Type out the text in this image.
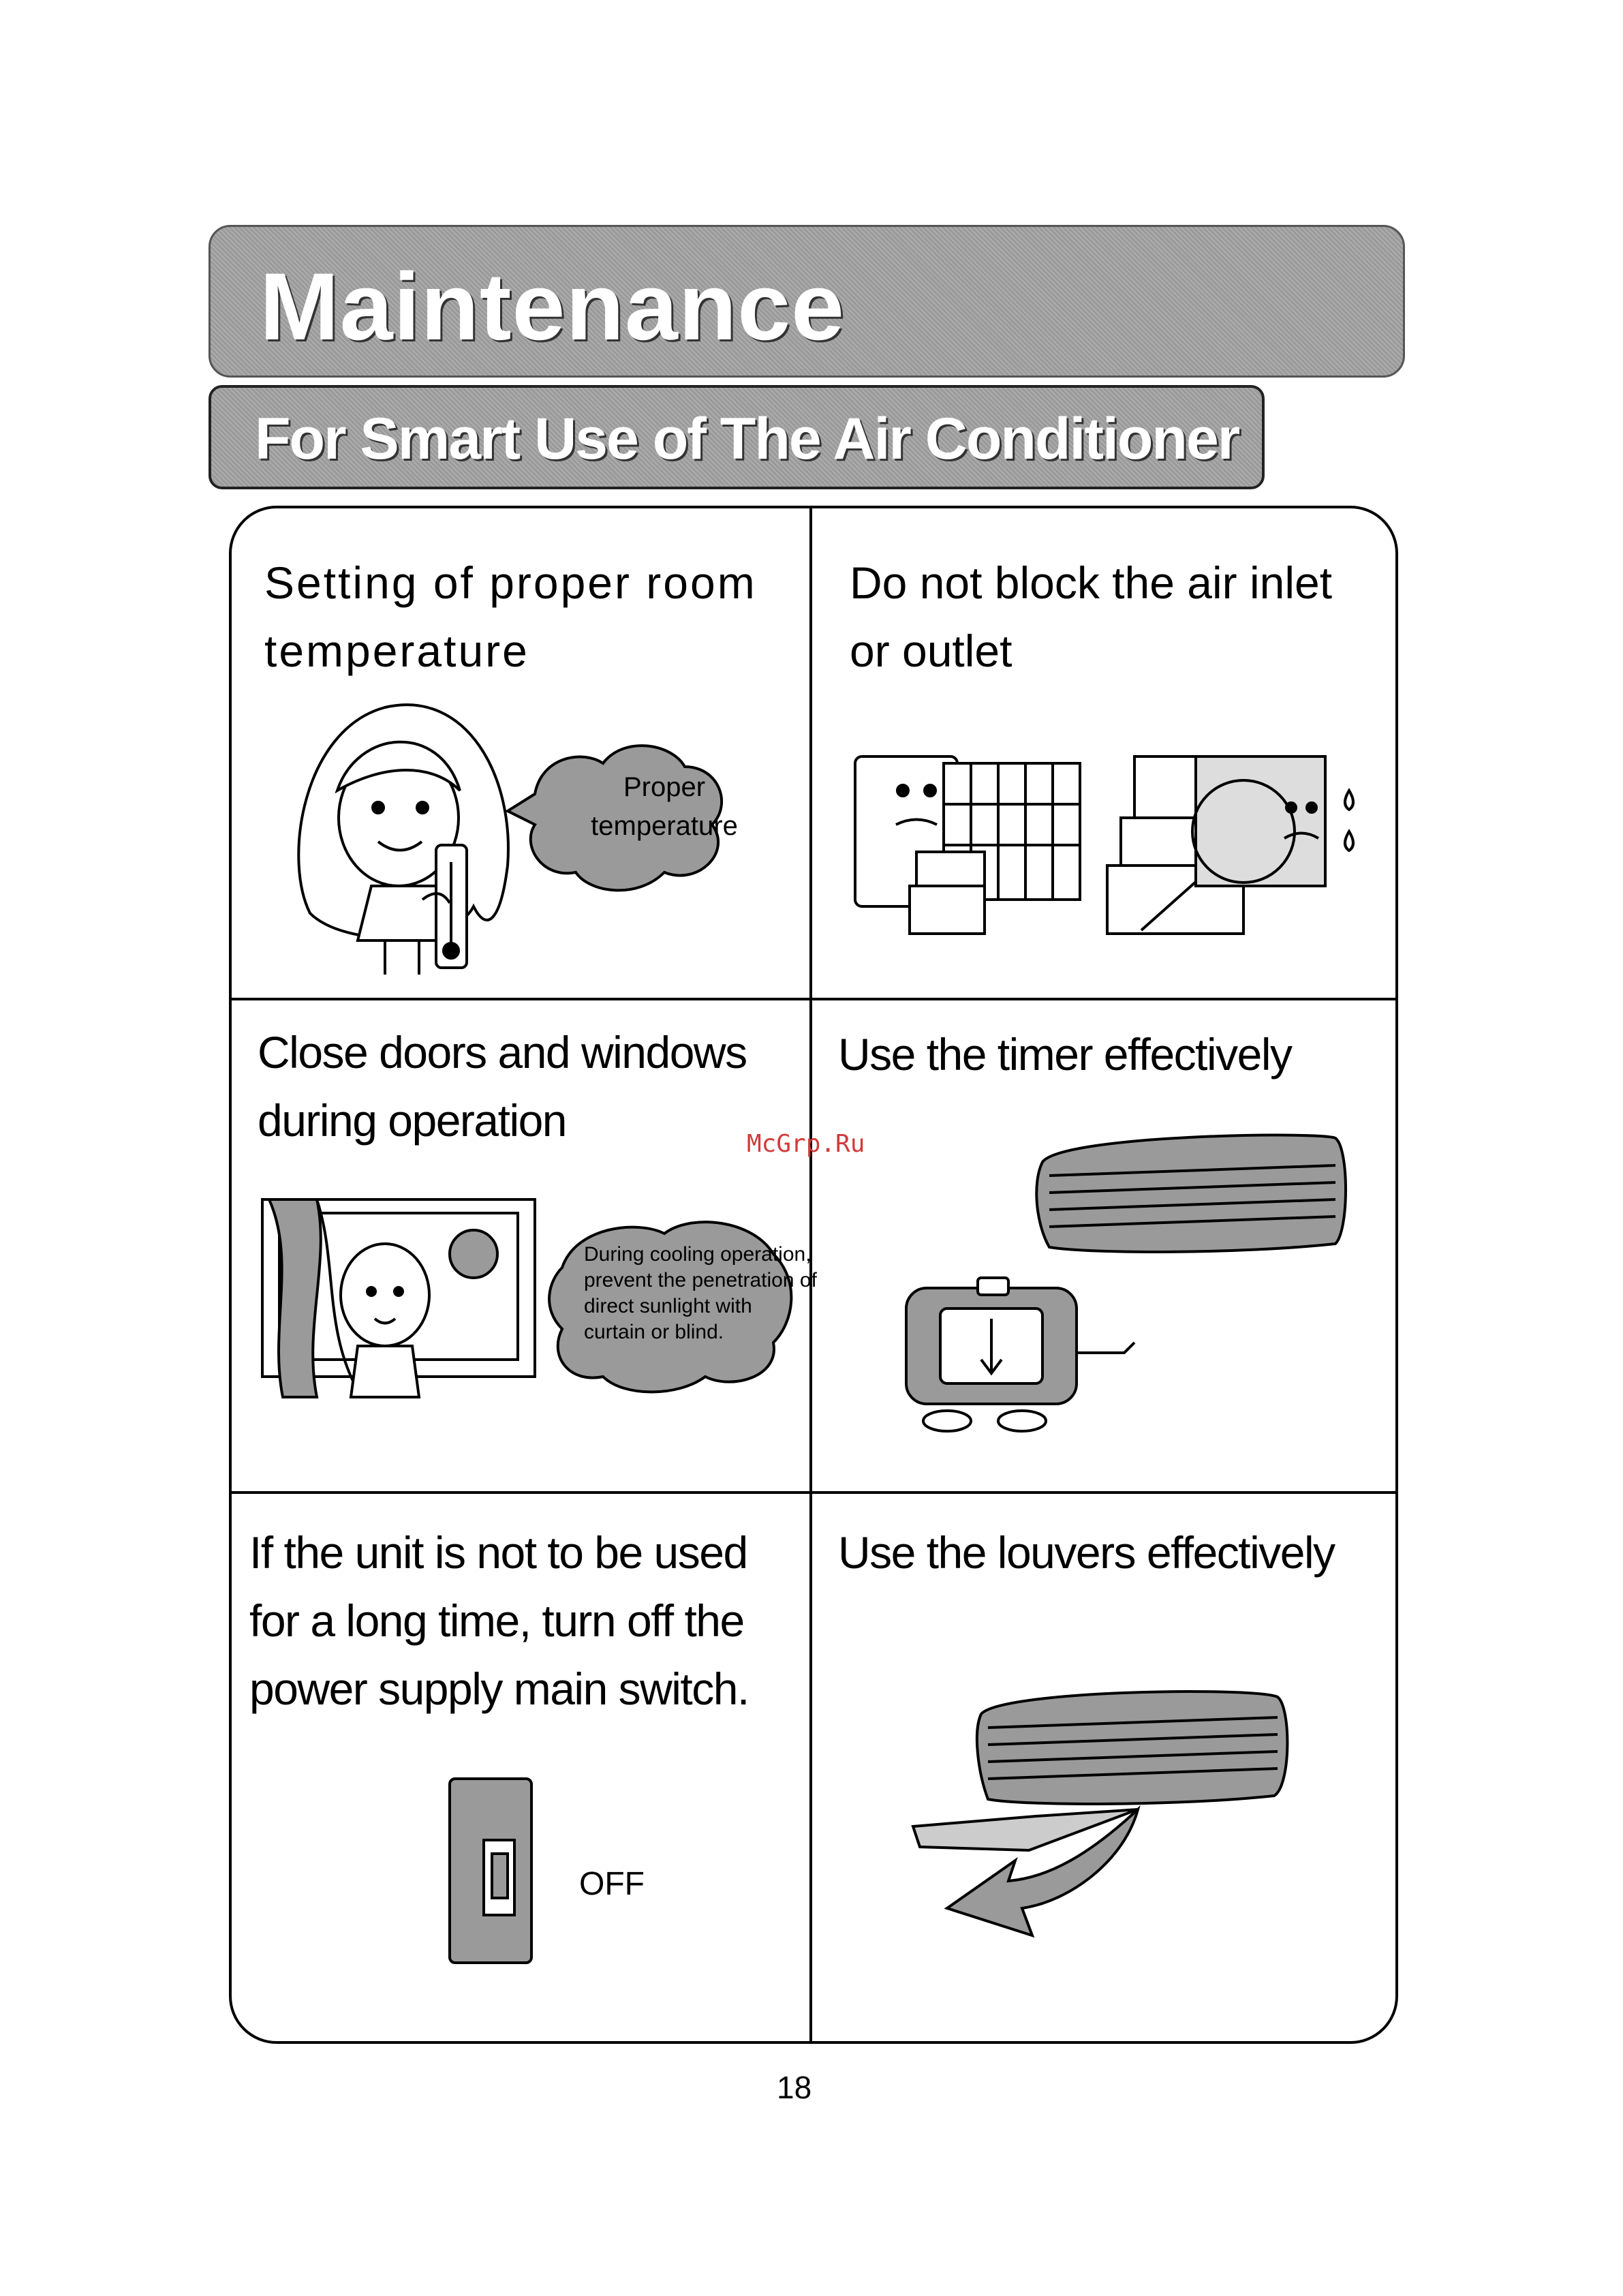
Maintenance
For Smart Use of The Air Conditioner
Setting of proper room
temperature
Proper
temperature
Do not block the air inlet
or outlet
Close doors and windows
during operation
During cooling operation,
prevent the penetration of
direct sunlight with
curtain or blind.
Use the timer effectively
If the unit is not to be used
for a long time, turn off the
power supply main switch.
OFF
Use the louvers effectively
18
McGrp.Ru
